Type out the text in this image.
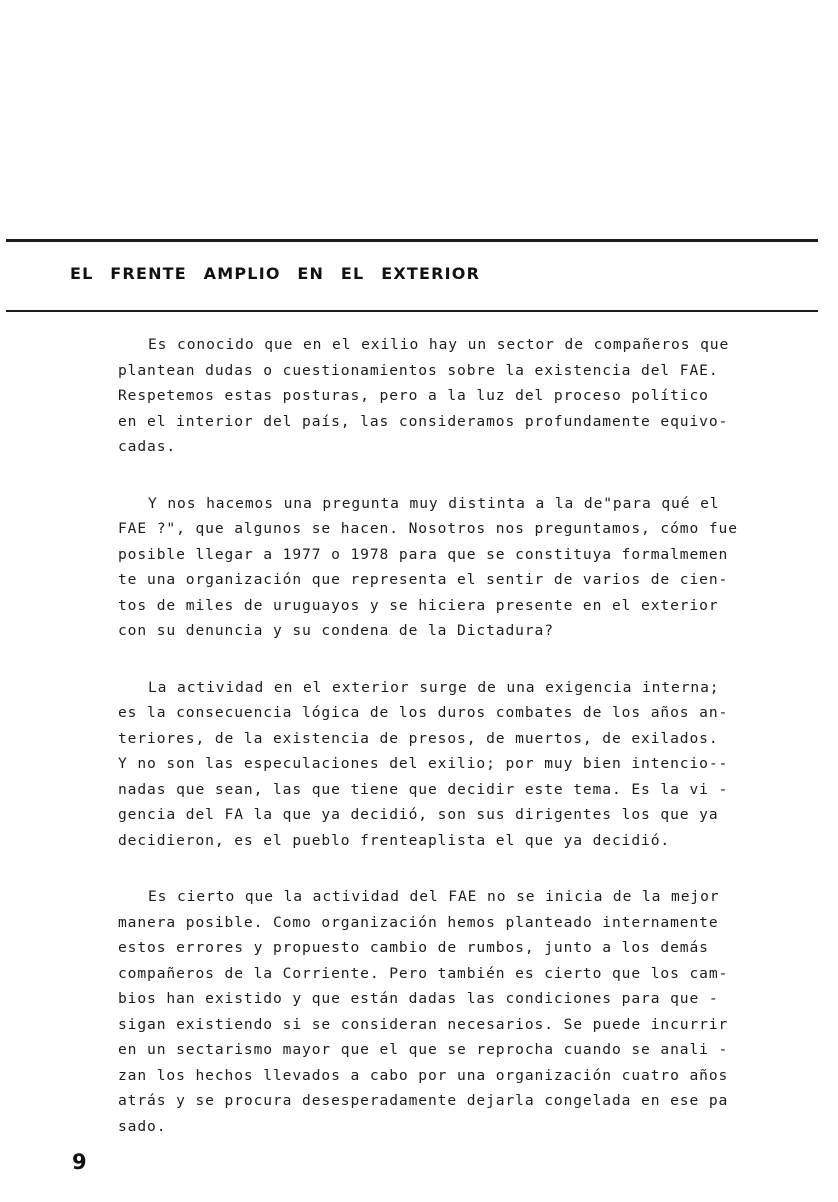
EL FRENTE AMPLIO EN EL EXTERIOR
Es conocido que en el exilio hay un sector de compañeros que
plantean dudas o cuestionamientos sobre la existencia del FAE.
Respetemos estas posturas, pero a la luz del proceso político
en el interior del país, las consideramos profundamente equivo-
cadas.
Y nos hacemos una pregunta muy distinta a la de"para qué el
FAE ?", que algunos se hacen. Nosotros nos preguntamos, cómo fue
posible llegar a 1977 o 1978 para que se constituya formalmemen
te una organización que representa el sentir de varios de cien-
tos de miles de uruguayos y se hiciera presente en el exterior
con su denuncia y su condena de la Dictadura?
La actividad en el exterior surge de una exigencia interna;
es la consecuencia lógica de los duros combates de los años an-
teriores, de la existencia de presos, de muertos, de exilados.
Y no son las especulaciones del exilio; por muy bien intencio--
nadas que sean, las que tiene que decidir este tema. Es la vi -
gencia del FA la que ya decidió, son sus dirigentes los que ya
decidieron, es el pueblo frenteaplista el que ya decidió.
Es cierto que la actividad del FAE no se inicia de la mejor
manera posible. Como organización hemos planteado internamente
estos errores y propuesto cambio de rumbos, junto a los demás
compañeros de la Corriente. Pero también es cierto que los cam-
bios han existido y que están dadas las condiciones para que -
sigan existiendo si se consideran necesarios. Se puede incurrir
en un sectarismo mayor que el que se reprocha cuando se anali -
zan los hechos llevados a cabo por una organización cuatro años
atrás y se procura desesperadamente dejarla congelada en ese pa
sado.
9
